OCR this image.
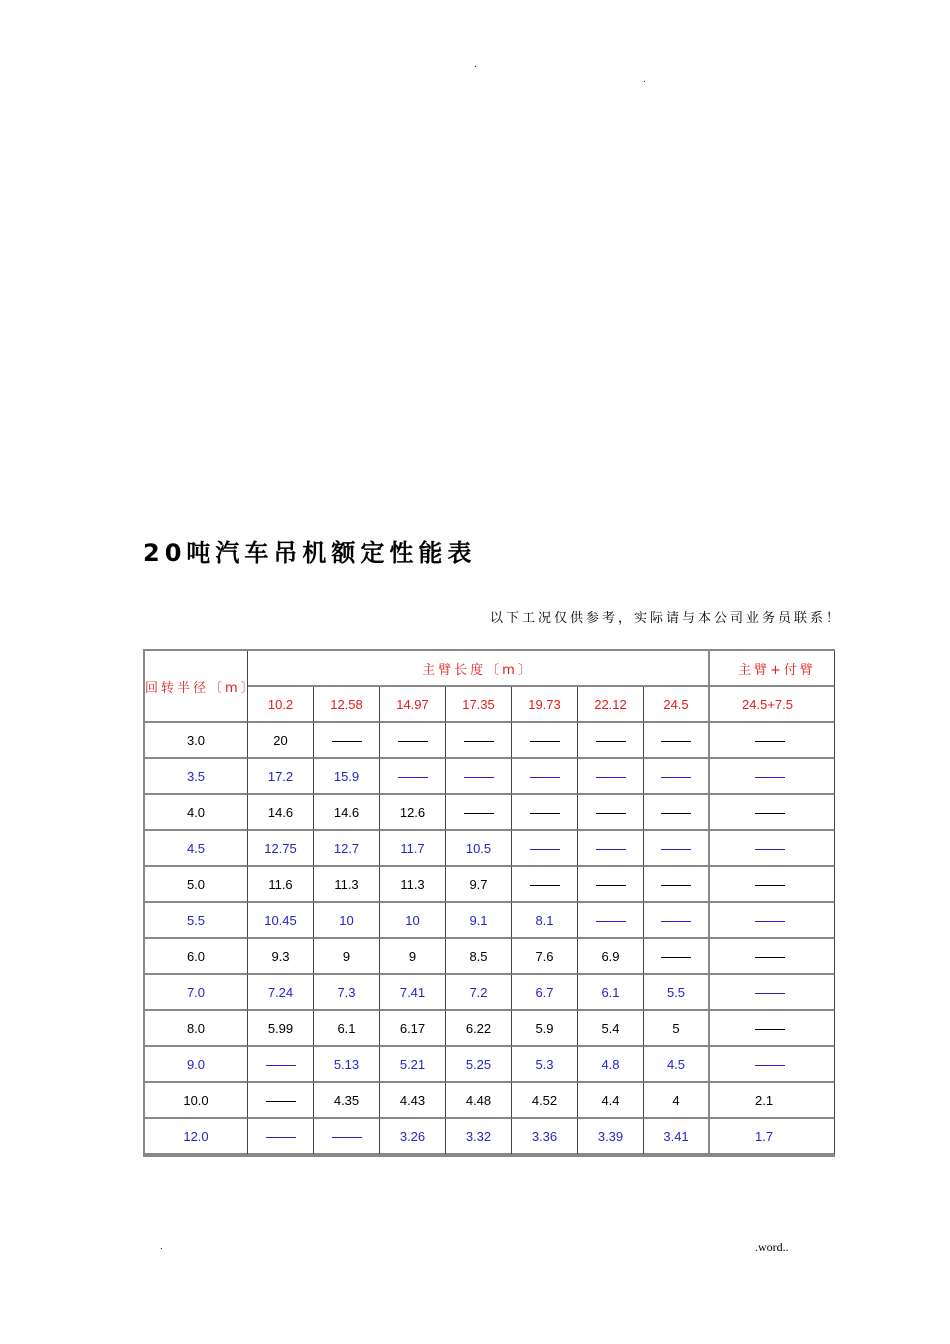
.
.
20吨汽车吊机额定性能表
以下工况仅供参考，实际请与本公司业务员联系！
回转半径〔m〕	主臂长度〔m〕							主臂+付臂
	10.2	12.58	14.97	17.35	19.73	22.12	24.5	24.5+7.5
3.0	20							
3.5	17.2	15.9						
4.0	14.6	14.6	12.6					
4.5	12.75	12.7	11.7	10.5				
5.0	11.6	11.3	11.3	9.7				
5.5	10.45	10	10	9.1	8.1			
6.0	9.3	9	9	8.5	7.6	6.9		
7.0	7.24	7.3	7.41	7.2	6.7	6.1	5.5	
8.0	5.99	6.1	6.17	6.22	5.9	5.4	5	
9.0		5.13	5.21	5.25	5.3	4.8	4.5	
10.0		4.35	4.43	4.48	4.52	4.4	4	2.1
12.0			3.26	3.32	3.36	3.39	3.41	1.7
.	.word..
